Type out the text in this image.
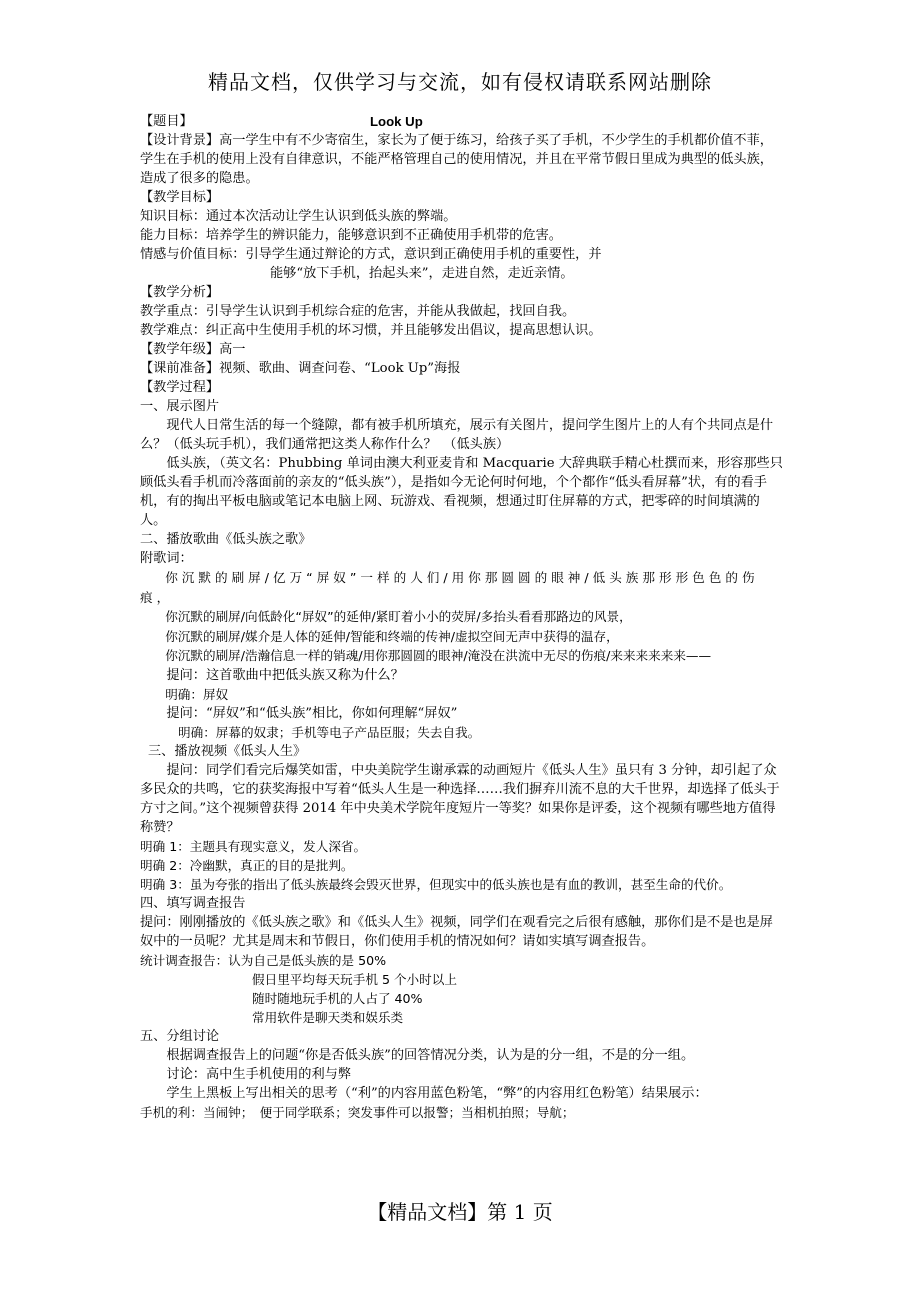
精品文档，仅供学习与交流，如有侵权请联系网站删除
【题目】	Look Up

【设计背景】高一学生中有不少寄宿生，家长为了便于练习，给孩子买了手机，不少学生的手机都价值不菲，学生在手机的使用上没有自律意识，不能严格管理自己的使用情况，并且在平常节假日里成为典型的低头族，造成了很多的隐患。

【教学目标】

知识目标：通过本次活动让学生认识到低头族的弊端。

能力目标：培养学生的辨识能力，能够意识到不正确使用手机带的危害。

情感与价值目标：引导学生通过辩论的方式，意识到正确使用手机的重要性，并

能够“放下手机，抬起头来”，走进自然，走近亲情。

【教学分析】

教学重点：引导学生认识到手机综合症的危害，并能从我做起，找回自我。

教学难点：纠正高中生使用手机的坏习惯，并且能够发出倡议，提高思想认识。

【教学年级】高一

【课前准备】视频、歌曲、调查问卷、“Look Up”海报

【教学过程】

一、展示图片

现代人日常生活的每一个缝隙，都有被手机所填充，展示有关图片，提问学生图片上的人有个共同点是什么？（低头玩手机），我们通常把这类人称作什么？　（低头族）

低头族，（英文名：Phubbing 单词由澳大利亚麦肯和 Macquarie 大辞典联手精心杜撰而来，形容那些只顾低头看手机而冷落面前的亲友的“低头族”），是指如今无论何时何地，个个都作“低头看屏幕”状，有的看手机，有的掏出平板电脑或笔记本电脑上网、玩游戏、看视频，想通过盯住屏幕的方式，把零碎的时间填满的人。

二、播放歌曲《低头族之歌》

附歌词：

你沉默的刷屏/亿万“屏奴”一样的人们/用你那圆圆的眼神/低头族那形形色色的伤痕，

你沉默的刷屏/向低龄化“屏奴”的延伸/紧盯着小小的荧屏/多抬头看看那路边的风景，

你沉默的刷屏/媒介是人体的延伸/智能和终端的传神/虚拟空间无声中获得的温存，

你沉默的刷屏/浩瀚信息一样的销魂/用你那圆圆的眼神/淹没在洪流中无尽的伤痕/来来来来来来——

提问：这首歌曲中把低头族又称为什么？

明确：屏奴

提问：“屏奴”和“低头族”相比，你如何理解“屏奴”

明确：屏幕的奴隶；手机等电子产品臣服；失去自我。

三、播放视频《低头人生》

提问：同学们看完后爆笑如雷，中央美院学生谢承霖的动画短片《低头人生》虽只有 3 分钟，却引起了众多民众的共鸣，它的获奖海报中写着“低头人生是一种选择……我们摒弃川流不息的大千世界，却选择了低头于方寸之间。”这个视频曾获得 2014 年中央美术学院年度短片一等奖？如果你是评委，这个视频有哪些地方值得称赞？

明确 1：主题具有现实意义，发人深省。

明确 2：冷幽默，真正的目的是批判。

明确 3：虽为夸张的指出了低头族最终会毁灭世界，但现实中的低头族也是有血的教训，甚至生命的代价。

四、填写调查报告

提问：刚刚播放的《低头族之歌》和《低头人生》视频，同学们在观看完之后很有感触，那你们是不是也是屏奴中的一员呢？尤其是周末和节假日，你们使用手机的情况如何？请如实填写调查报告。

统计调查报告： 认为自己是低头族的是 50%

假日里平均每天玩手机 5 个小时以上

随时随地玩手机的人占了 40%

常用软件是聊天类和娱乐类

五、分组讨论

根据调查报告上的问题“你是否低头族”的回答情况分类，认为是的分一组，不是的分一组。

讨论：高中生手机使用的利与弊

学生上黑板上写出相关的思考（“利”的内容用蓝色粉笔，“弊”的内容用红色粉笔）结果展示：

手机的利：当闹钟；　便于同学联系；突发事件可以报警；当相机拍照；导航；

【精品文档】第 1 页
